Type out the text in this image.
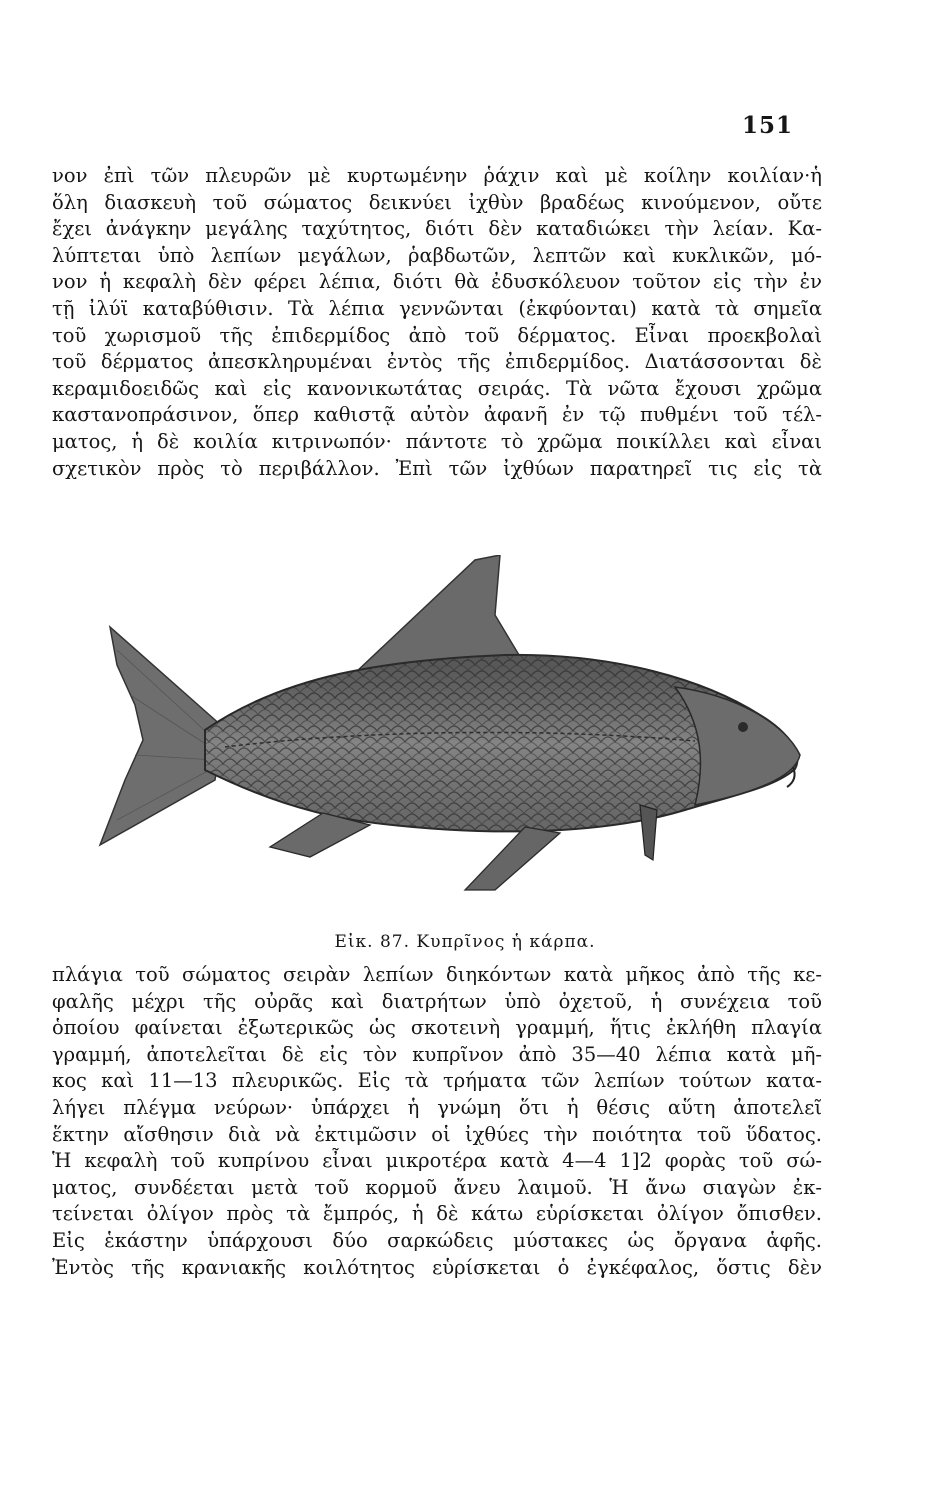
151
νον ἐπὶ τῶν πλευρῶν μὲ κυρτωμένην ῥάχιν καὶ μὲ κοίλην κοιλίαν·ἡ
ὅλη διασκευὴ τοῦ σώματος δεικνύει ἰχθὺν βραδέως κινούμενον, οὔτε
ἔχει ἀνάγκην μεγάλης ταχύτητος, διότι δὲν καταδιώκει τὴν λείαν. Κα-
λύπτεται ὑπὸ λεπίων μεγάλων, ῥαβδωτῶν, λεπτῶν καὶ κυκλικῶν, μό-
νον ἡ κεφαλὴ δὲν φέρει λέπια, διότι θὰ ἐδυσκόλευον τοῦτον εἰς τὴν ἐν
τῇ ἰλύϊ καταβύθισιν. Τὰ λέπια γεννῶνται (ἐκφύονται) κατὰ τὰ σημεῖα
τοῦ χωρισμοῦ τῆς ἐπιδερμίδος ἀπὸ τοῦ δέρματος. Εἶναι προεκβολαὶ
τοῦ δέρματος ἀπεσκληρυμέναι ἐντὸς τῆς ἐπιδερμίδος. Διατάσσονται δὲ
κεραμιδοειδῶς καὶ εἰς κανονικωτάτας σειράς. Τὰ νῶτα ἔχουσι χρῶμα
καστανοπράσινον, ὅπερ καθιστᾷ αὐτὸν ἀφανῆ ἐν τῷ πυθμένι τοῦ τέλ-
ματος, ἡ δὲ κοιλία κιτρινωπόν· πάντοτε τὸ χρῶμα ποικίλλει καὶ εἶναι
σχετικὸν πρὸς τὸ περιβάλλον. Ἐπὶ τῶν ἰχθύων παρατηρεῖ τις εἰς τὰ
Εἰκ. 87. Κυπρῖνος ἡ κάρπα.
πλάγια τοῦ σώματος σειρὰν λεπίων διηκόντων κατὰ μῆκος ἀπὸ τῆς κε-
φαλῆς μέχρι τῆς οὐρᾶς καὶ διατρήτων ὑπὸ ὀχετοῦ, ἡ συνέχεια τοῦ
ὁποίου φαίνεται ἐξωτερικῶς ὡς σκοτεινὴ γραμμή, ἥτις ἐκλήθη πλαγία
γραμμή, ἀποτελεῖται δὲ εἰς τὸν κυπρῖνον ἀπὸ 35—40 λέπια κατὰ μῆ-
κος καὶ 11—13 πλευρικῶς. Εἰς τὰ τρήματα τῶν λεπίων τούτων κατα-
λήγει πλέγμα νεύρων· ὑπάρχει ἡ γνώμη ὅτι ἡ θέσις αὕτη ἀποτελεῖ
ἕκτην αἴσθησιν διὰ νὰ ἐκτιμῶσιν οἱ ἰχθύες τὴν ποιότητα τοῦ ὕδατος.
Ἡ κεφαλὴ τοῦ κυπρίνου εἶναι μικροτέρα κατὰ 4—4 1]2 φορὰς τοῦ σώ-
ματος, συνδέεται μετὰ τοῦ κορμοῦ ἄνευ λαιμοῦ. Ἡ ἄνω σιαγὼν ἐκ-
τείνεται ὀλίγον πρὸς τὰ ἔμπρός, ἡ δὲ κάτω εὑρίσκεται ὀλίγον ὄπισθεν.
Εἰς ἑκάστην ὑπάρχουσι δύο σαρκώδεις μύστακες ὡς ὄργανα ἁφῆς.
Ἐντὸς τῆς κρανιακῆς κοιλότητος εὑρίσκεται ὁ ἐγκέφαλος, ὅστις δὲν
